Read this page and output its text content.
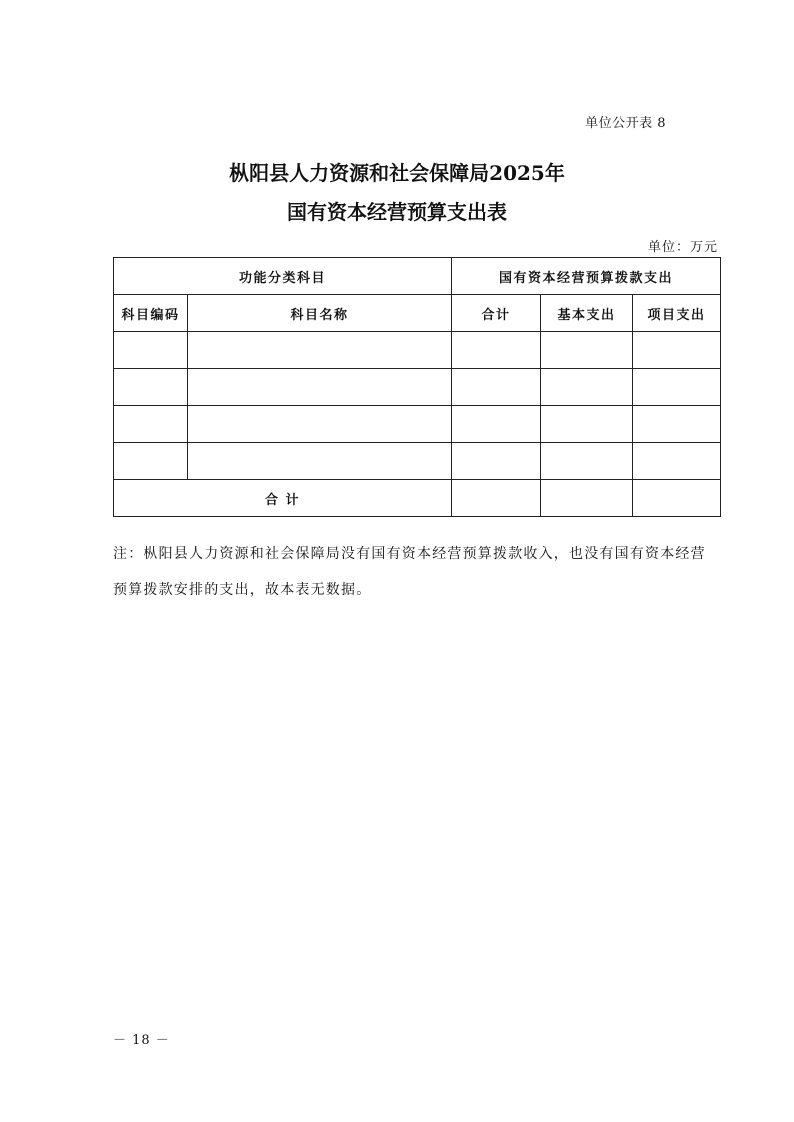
单位公开表 8
枞阳县人力资源和社会保障局2025年
国有资本经营预算支出表
单位：万元
功能分类科目		国有资本经营预算拨款支出		
科目编码	科目名称	合计	基本支出	项目支出

合 计				
注：枞阳县人力资源和社会保障局没有国有资本经营预算拨款收入，也没有国有资本经营预算拨款安排的支出，故本表无数据。
－ 18 －
